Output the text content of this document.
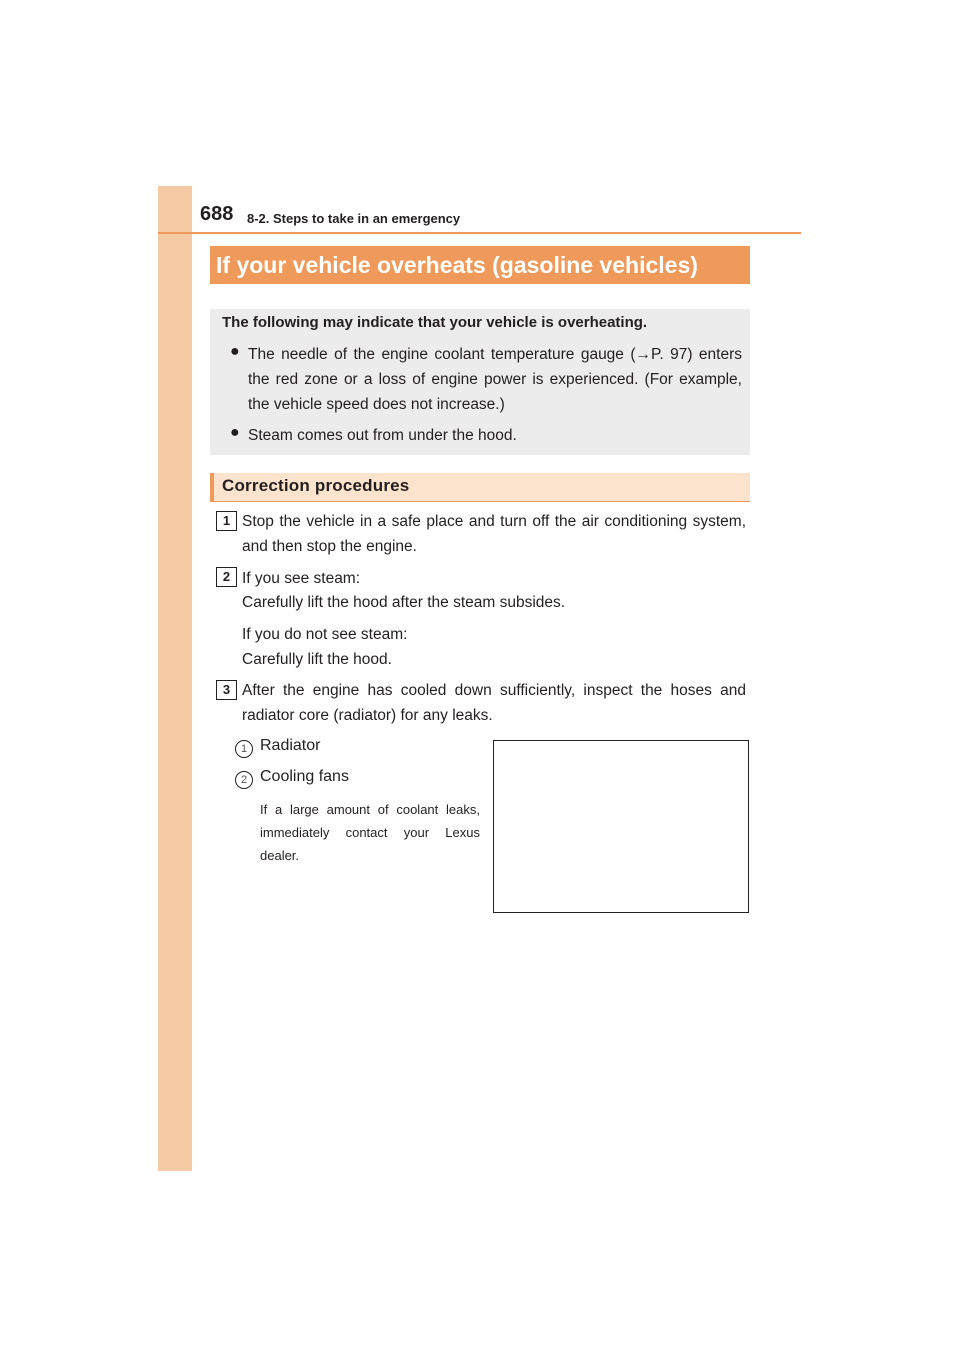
688 8-2. Steps to take in an emergency
If your vehicle overheats (gasoline vehicles)
The following may indicate that your vehicle is overheating.
● The needle of the engine coolant temperature gauge (→P. 97) enters the red zone or a loss of engine power is experienced. (For example, the vehicle speed does not increase.)
● Steam comes out from under the hood.
Correction procedures
1 Stop the vehicle in a safe place and turn off the air conditioning system, and then stop the engine.
2 If you see steam:
Carefully lift the hood after the steam subsides.
If you do not see steam:
Carefully lift the hood.
3 After the engine has cooled down sufficiently, inspect the hoses and radiator core (radiator) for any leaks.
1 Radiator
2 Cooling fans
If a large amount of coolant leaks, immediately contact your Lexus dealer.
